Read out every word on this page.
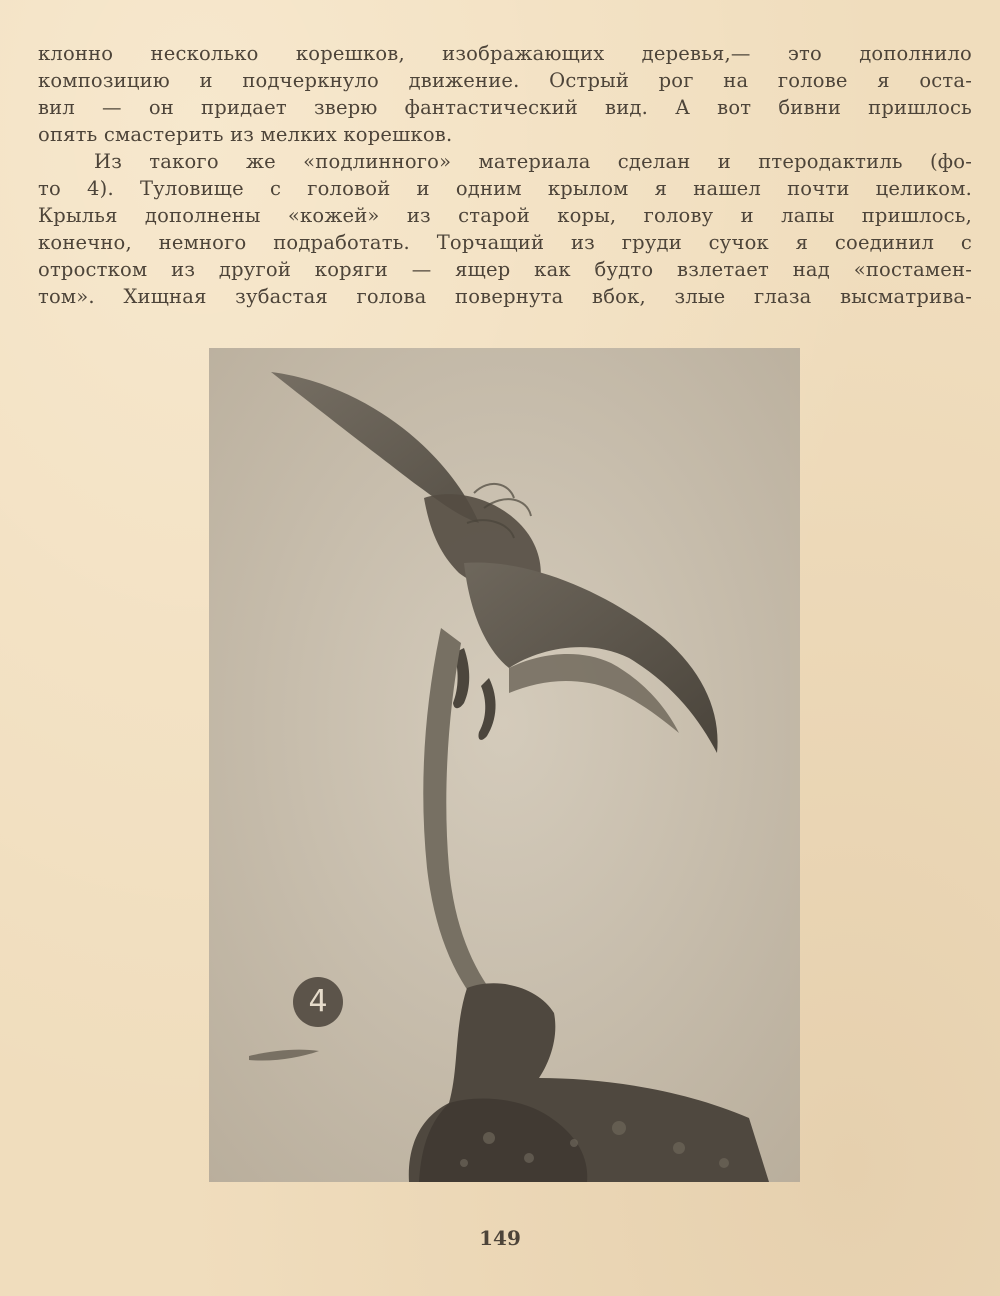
клонно несколько корешков, изображающих деревья,— это дополнило
композицию и подчеркнуло движение. Острый рог на голове я оста-
вил — он придает зверю фантастический вид. А вот бивни пришлось
опять смастерить из мелких корешков.
Из такого же «подлинного» материала сделан и птеродактиль (фо-
то 4). Туловище с головой и одним крылом я нашел почти целиком.
Крылья дополнены «кожей» из старой коры, голову и лапы пришлось,
конечно, немного подработать. Торчащий из груди сучок я соединил с
отростком из другой коряги — ящер как будто взлетает над «постамен-
том». Хищная зубастая голова повернута вбок, злые глаза высматрива-
4
149
